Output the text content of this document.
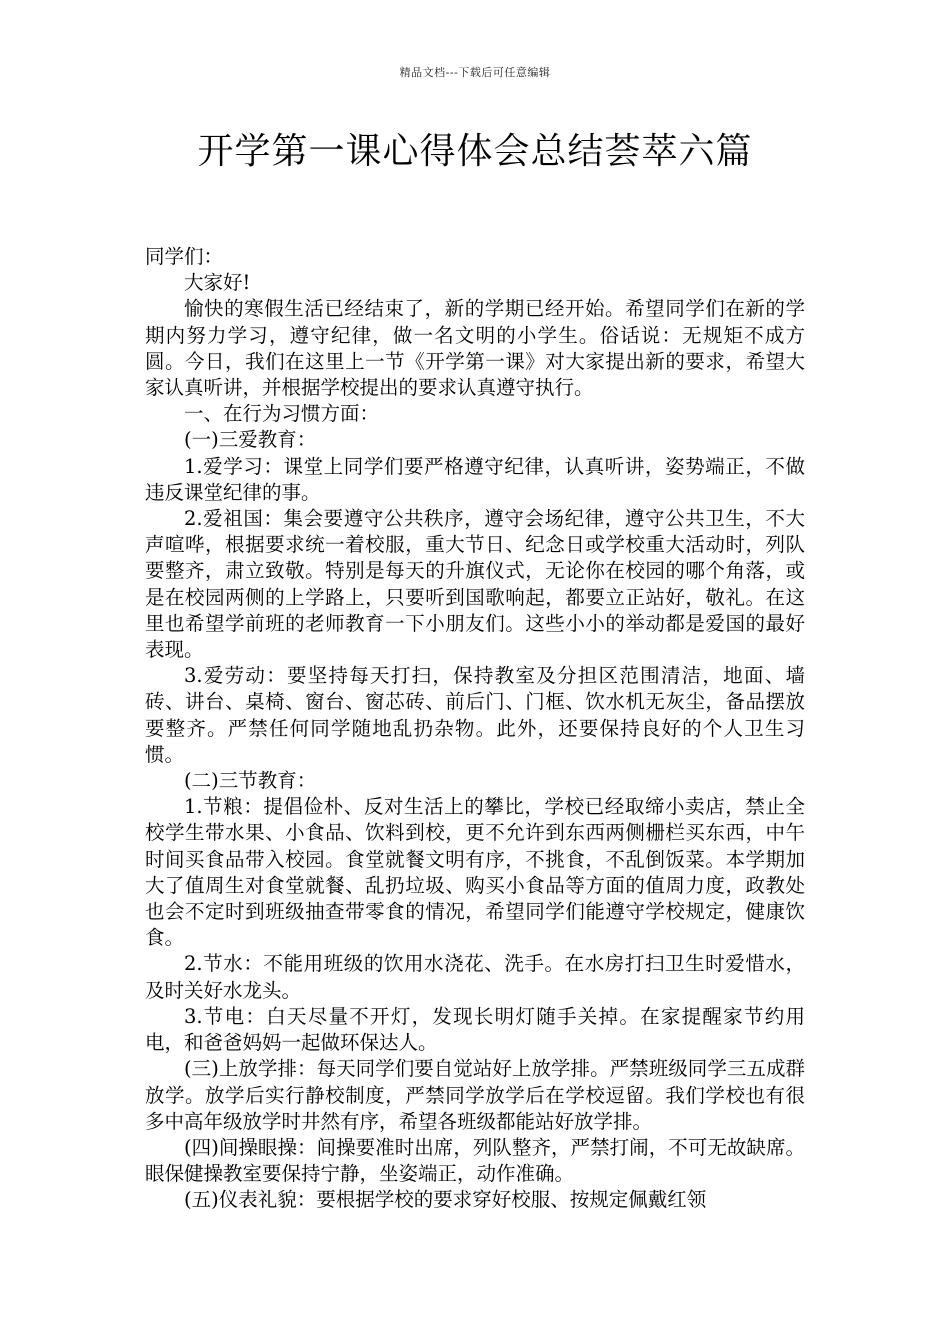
精品文档---下载后可任意编辑
开学第一课心得体会总结荟萃六篇

同学们：

大家好!

愉快的寒假生活已经结束了，新的学期已经开始。希望同学们在新的学期内努力学习，遵守纪律，做一名文明的小学生。俗话说：无规矩不成方圆。今日，我们在这里上一节《开学第一课》对大家提出新的要求，希望大家认真听讲，并根据学校提出的要求认真遵守执行。

一、在行为习惯方面：

(一)三爱教育：

1.爱学习：课堂上同学们要严格遵守纪律，认真听讲，姿势端正，不做违反课堂纪律的事。

2.爱祖国：集会要遵守公共秩序，遵守会场纪律，遵守公共卫生，不大声喧哗，根据要求统一着校服，重大节日、纪念日或学校重大活动时，列队要整齐，肃立致敬。特别是每天的升旗仪式，无论你在校园的哪个角落，或是在校园两侧的上学路上，只要听到国歌响起，都要立正站好，敬礼。在这里也希望学前班的老师教育一下小朋友们。这些小小的举动都是爱国的最好表现。

3.爱劳动：要坚持每天打扫，保持教室及分担区范围清洁，地面、墙砖、讲台、桌椅、窗台、窗芯砖、前后门、门框、饮水机无灰尘，备品摆放要整齐。严禁任何同学随地乱扔杂物。此外，还要保持良好的个人卫生习惯。

(二)三节教育：

1.节粮：提倡俭朴、反对生活上的攀比，学校已经取缔小卖店，禁止全校学生带水果、小食品、饮料到校，更不允许到东西两侧栅栏买东西，中午时间买食品带入校园。食堂就餐文明有序，不挑食，不乱倒饭菜。本学期加大了值周生对食堂就餐、乱扔垃圾、购买小食品等方面的值周力度，政教处也会不定时到班级抽查带零食的情况，希望同学们能遵守学校规定，健康饮食。

2.节水：不能用班级的饮用水浇花、洗手。在水房打扫卫生时爱惜水，及时关好水龙头。

3.节电：白天尽量不开灯，发现长明灯随手关掉。在家提醒家节约用电，和爸爸妈妈一起做环保达人。

(三)上放学排：每天同学们要自觉站好上放学排。严禁班级同学三五成群放学。放学后实行静校制度，严禁同学放学后在学校逗留。我们学校也有很多中高年级放学时井然有序，希望各班级都能站好放学排。

(四)间操眼操：间操要准时出席，列队整齐，严禁打闹，不可无故缺席。眼保健操教室要保持宁静，坐姿端正，动作准确。

(五)仪表礼貌：要根据学校的要求穿好校服、按规定佩戴红领
